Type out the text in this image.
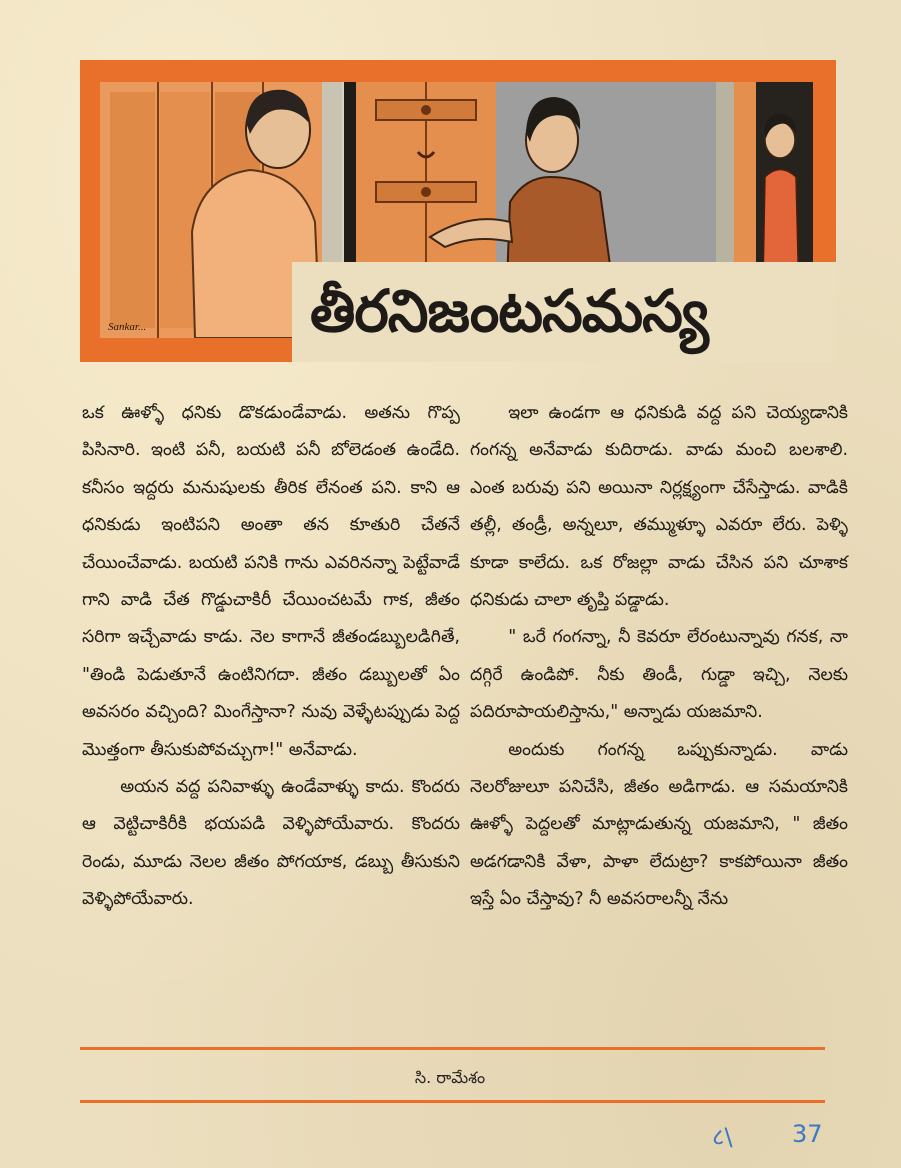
Sankar...	తీరనిజంటసమస్య

ఒక ఊళ్ళో ధనికు డొకడుండేవాడు. అతను గొప్ప పిసినారి. ఇంటి పనీ, బయటి పనీ బోలెడంత ఉండేది. కనీసం ఇద్దరు మనుషులకు తీరిక లేనంత పని. కాని ఆ ధనికుడు ఇంటిపని అంతా తన కూతురి చేతనే చేయించేవాడు. బయటి పనికి గాను ఎవరినన్నా పెట్టేవాడే గాని వాడి చేత గొడ్డుచాకిరీ చేయించటమే గాక, జీతం సరిగా ఇచ్చేవాడు కాడు. నెల కాగానే జీతండబ్బులడిగితే, "తిండి పెడుతూనే ఉంటినిగదా. జీతం డబ్బులతో ఏం అవసరం వచ్చింది? మింగేస్తానా? నువు వెళ్ళేటప్పుడు పెద్ద మొత్తంగా తీసుకుపోవచ్చుగా!" అనేవాడు.

అయన వద్ద పనివాళ్ళు ఉండేవాళ్ళు కాదు. కొందరు ఆ వెట్టిచాకిరీకి భయపడి వెళ్ళిపోయేవారు. కొందరు రెండు, మూడు నెలల జీతం పోగయాక, డబ్బు తీసుకుని వెళ్ళిపోయేవారు.

ఇలా ఉండగా ఆ ధనికుడి వద్ద పని చెయ్యడానికి గంగన్న అనేవాడు కుదిరాడు. వాడు మంచి బలశాలి. ఎంత బరువు పని అయినా నిర్లక్ష్యంగా చేసేస్తాడు. వాడికి తల్లీ, తండ్రీ, అన్నలూ, తమ్ముళ్ళూ ఎవరూ లేరు. పెళ్ళి కూడా కాలేదు. ఒక రోజల్లా వాడు చేసిన పని చూశాక ధనికుడు చాలా తృప్తి పడ్డాడు.

" ఒరే గంగన్నా, నీ కెవరూ లేరంటున్నావు గనక, నా దగ్గిరే ఉండిపో. నీకు తిండీ, గుడ్డా ఇచ్చి, నెలకు పదిరూపాయలిస్తాను," అన్నాడు యజమాని.

అందుకు గంగన్న ఒప్పుకున్నాడు. వాడు నెలరోజులూ పనిచేసి, జీతం అడిగాడు. ఆ సమయానికి ఊళ్ళో పెద్దలతో మాట్లాడుతున్న యజమాని, " జీతం అడగడానికి వేళా, పాళా లేదుట్రా? కాకపోయినా జీతం ఇస్తే ఏం చేస్తావు? నీ అవసరాలన్నీ నేను

సి. రామేశం
८\ 37
